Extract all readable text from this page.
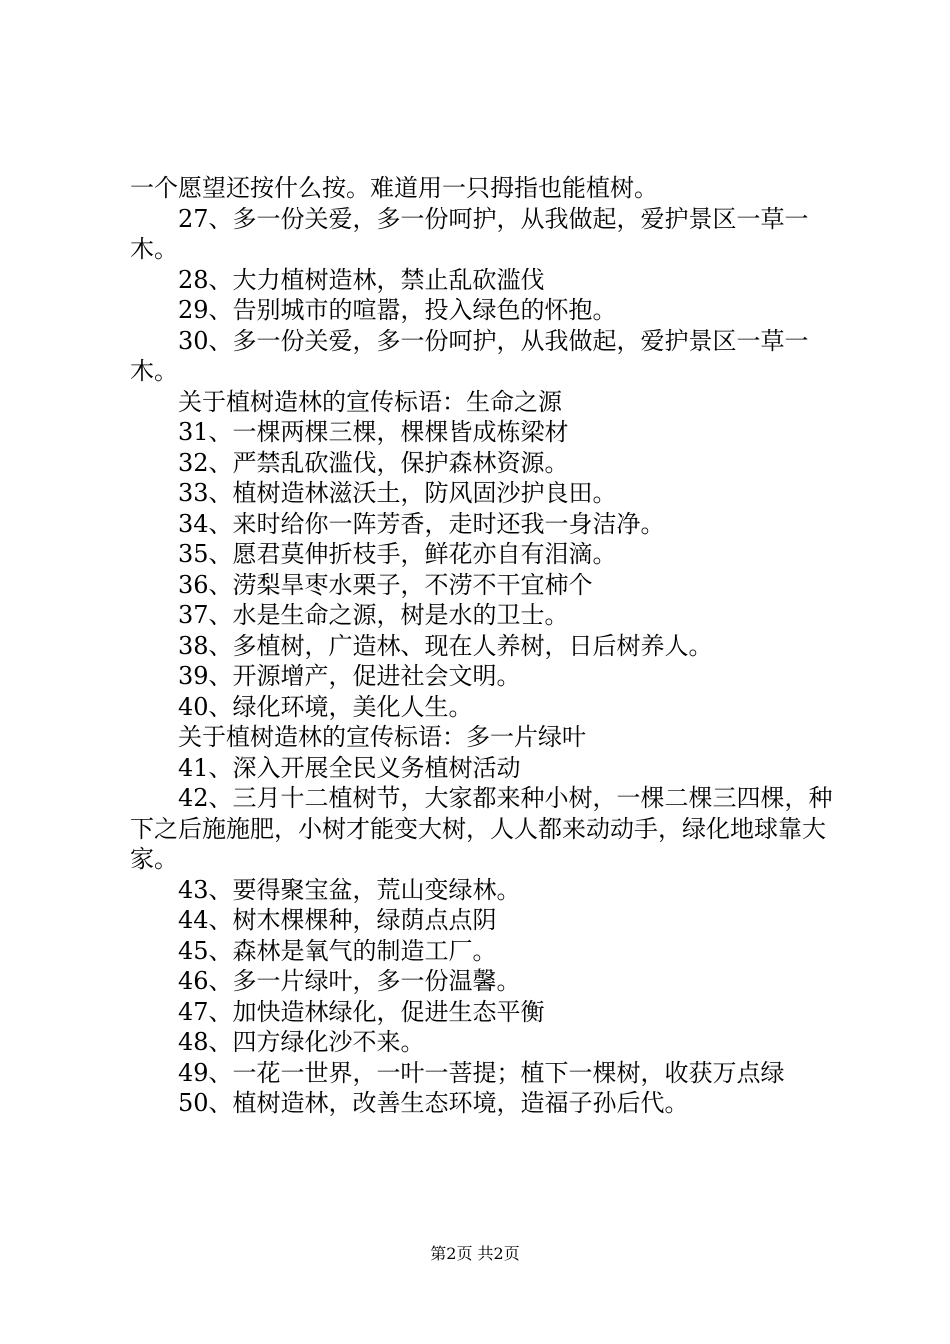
一个愿望还按什么按。难道用一只拇指也能植树。

27、多一份关爱，多一份呵护，从我做起，爱护景区一草一木。

28、大力植树造林，禁止乱砍滥伐

29、告别城市的喧嚣，投入绿色的怀抱。

30、多一份关爱，多一份呵护，从我做起，爱护景区一草一木。

关于植树造林的宣传标语：生命之源

31、一棵两棵三棵，棵棵皆成栋梁材

32、严禁乱砍滥伐，保护森林资源。

33、植树造林滋沃土，防风固沙护良田。

34、来时给你一阵芳香，走时还我一身洁净。

35、愿君莫伸折枝手，鲜花亦自有泪滴。

36、涝梨旱枣水栗子，不涝不干宜柿个

37、水是生命之源，树是水的卫士。

38、多植树，广造林、现在人养树，日后树养人。

39、开源增产，促进社会文明。

40、绿化环境，美化人生。

关于植树造林的宣传标语：多一片绿叶

41、深入开展全民义务植树活动

42、三月十二植树节，大家都来种小树，一棵二棵三四棵，种下之后施施肥，小树才能变大树，人人都来动动手，绿化地球靠大家。

43、要得聚宝盆，荒山变绿林。

44、树木棵棵种，绿荫点点阴

45、森林是氧气的制造工厂。

46、多一片绿叶，多一份温馨。

47、加快造林绿化，促进生态平衡

48、四方绿化沙不来。

49、一花一世界，一叶一菩提；植下一棵树，收获万点绿

50、植树造林，改善生态环境，造福子孙后代。

第2页 共2页
